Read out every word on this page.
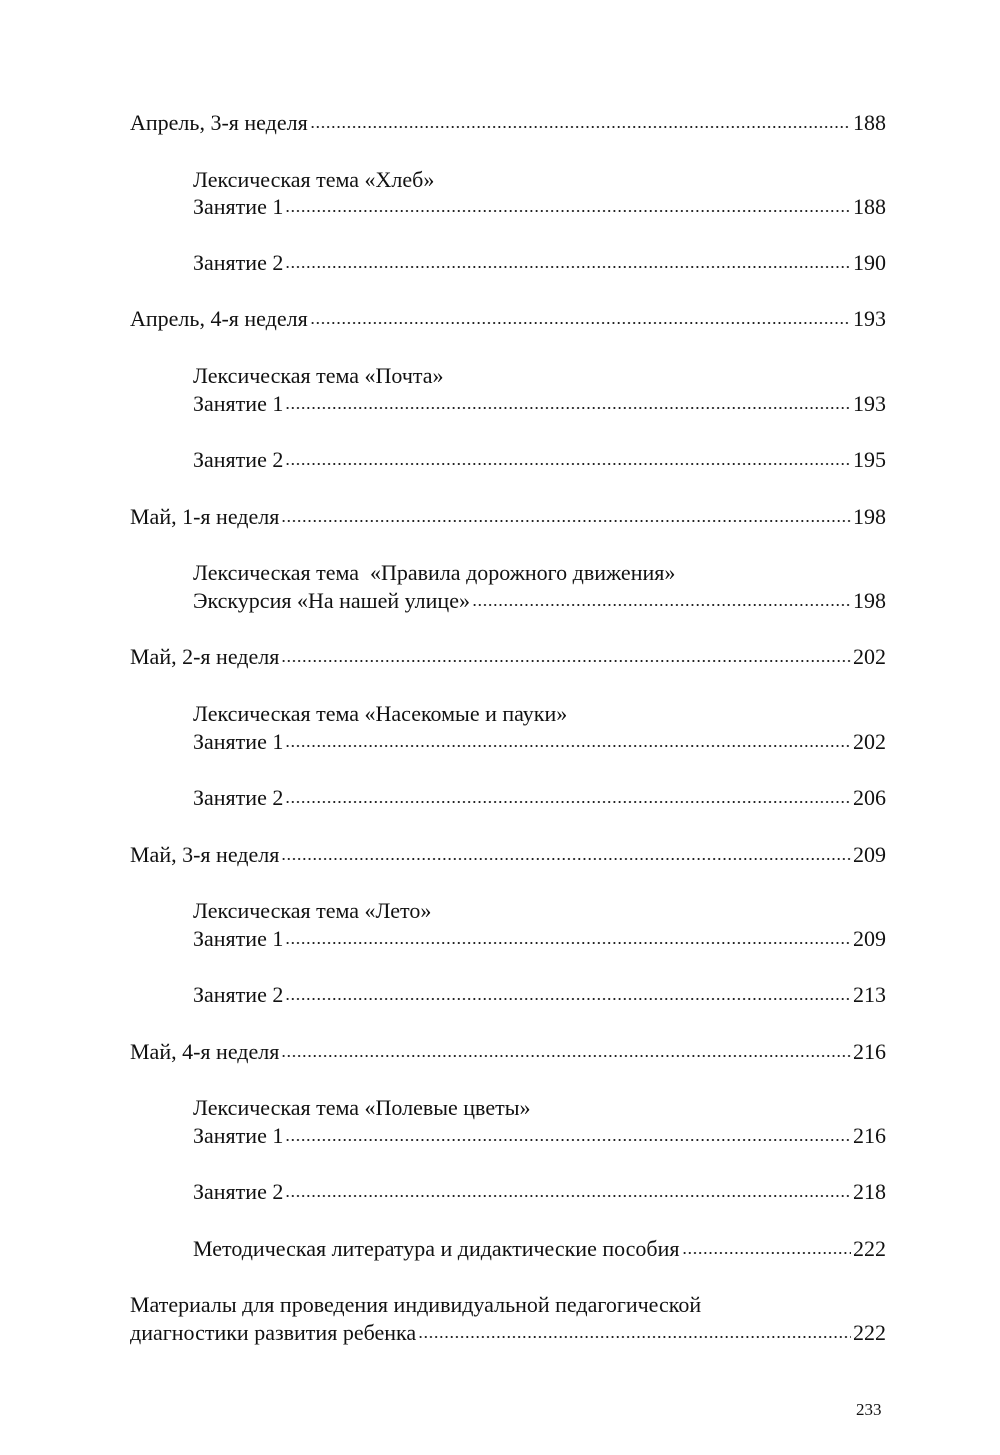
Апрель, 3-я неделя	188
Лексическая тема «Хлеб»
Занятие 1	188
Занятие 2	190
Апрель, 4-я неделя	193
Лексическая тема «Почта»
Занятие 1	193
Занятие 2	195
Май, 1-я неделя	198
Лексическая тема  «Правила дорожного движения»
Экскурсия «На нашей улице»	198
Май, 2-я неделя	202
Лексическая тема «Насекомые и пауки»
Занятие 1	202
Занятие 2	206
Май, 3-я неделя	209
Лексическая тема «Лето»
Занятие 1	209
Занятие 2	213
Май, 4-я неделя	216
Лексическая тема «Полевые цветы»
Занятие 1	216
Занятие 2	218
Методическая литература и дидактические пособия	222
Материалы для проведения индивидуальной педагогической
диагностики развития ребенка	222
233
